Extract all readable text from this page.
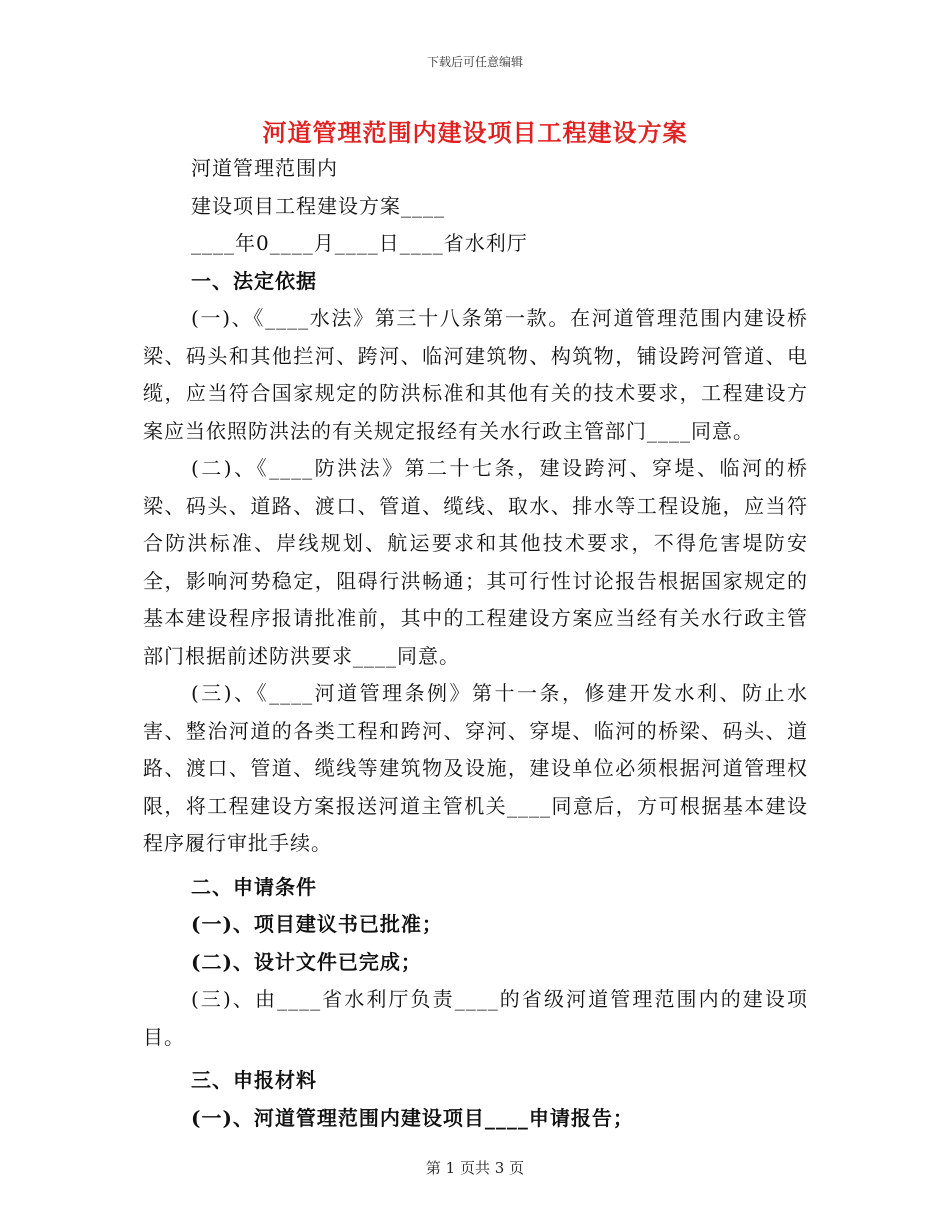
下载后可任意编辑
河道管理范围内建设项目工程建设方案

河道管理范围内

建设项目工程建设方案____

____年0____月____日____省水利厅

一、法定依据

(一)、《____水法》第三十八条第一款。在河道管理范围内建设桥梁、码头和其他拦河、跨河、临河建筑物、构筑物，铺设跨河管道、电缆，应当符合国家规定的防洪标准和其他有关的技术要求，工程建设方案应当依照防洪法的有关规定报经有关水行政主管部门____同意。

(二)、《____防洪法》第二十七条，建设跨河、穿堤、临河的桥梁、码头、道路、渡口、管道、缆线、取水、排水等工程设施，应当符合防洪标准、岸线规划、航运要求和其他技术要求，不得危害堤防安全，影响河势稳定，阻碍行洪畅通；其可行性讨论报告根据国家规定的基本建设程序报请批准前，其中的工程建设方案应当经有关水行政主管部门根据前述防洪要求____同意。

(三)、《____河道管理条例》第十一条，修建开发水利、防止水害、整治河道的各类工程和跨河、穿河、穿堤、临河的桥梁、码头、道路、渡口、管道、缆线等建筑物及设施，建设单位必须根据河道管理权限，将工程建设方案报送河道主管机关____同意后，方可根据基本建设程序履行审批手续。

二、申请条件

(一)、项目建议书已批准；

(二)、设计文件已完成；

(三)、由____省水利厅负责____的省级河道管理范围内的建设项目。

三、申报材料

(一)、河道管理范围内建设项目____申请报告；

第 1 页共 3 页
